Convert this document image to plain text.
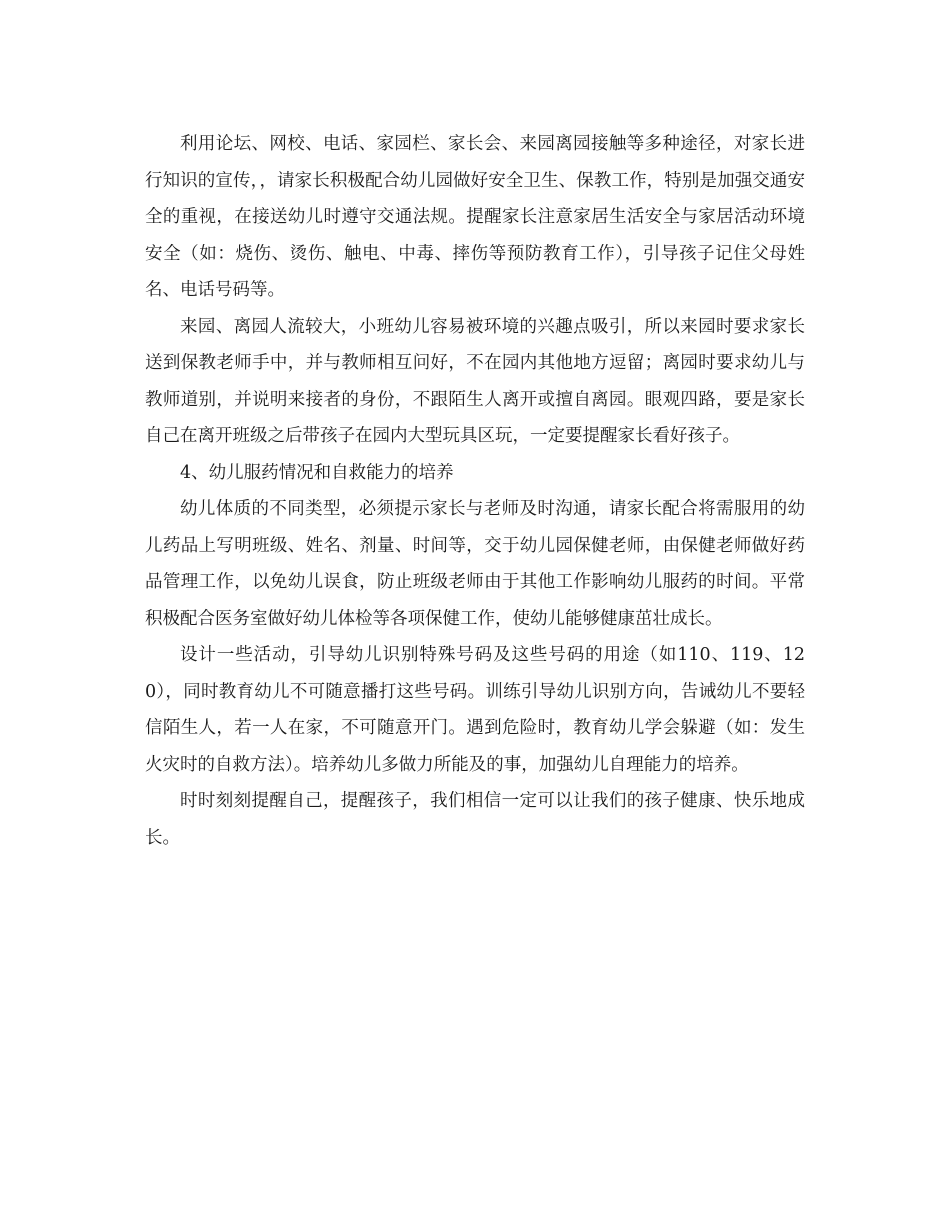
利用论坛、网校、电话、家园栏、家长会、来园离园接触等多种途径，对家长进行知识的宣传，，请家长积极配合幼儿园做好安全卫生、保教工作，特别是加强交通安全的重视，在接送幼儿时遵守交通法规。提醒家长注意家居生活安全与家居活动环境安全（如：烧伤、烫伤、触电、中毒、摔伤等预防教育工作），引导孩子记住父母姓名、电话号码等。

来园、离园人流较大，小班幼儿容易被环境的兴趣点吸引，所以来园时要求家长送到保教老师手中，并与教师相互问好，不在园内其他地方逗留；离园时要求幼儿与教师道别，并说明来接者的身份，不跟陌生人离开或擅自离园。眼观四路，要是家长自己在离开班级之后带孩子在园内大型玩具区玩，一定要提醒家长看好孩子。

4、幼儿服药情况和自救能力的培养

幼儿体质的不同类型，必须提示家长与老师及时沟通，请家长配合将需服用的幼儿药品上写明班级、姓名、剂量、时间等，交于幼儿园保健老师，由保健老师做好药品管理工作，以免幼儿误食，防止班级老师由于其他工作影响幼儿服药的时间。平常积极配合医务室做好幼儿体检等各项保健工作，使幼儿能够健康茁壮成长。

设计一些活动，引导幼儿识别特殊号码及这些号码的用途（如110、119、120），同时教育幼儿不可随意播打这些号码。训练引导幼儿识别方向，告诫幼儿不要轻信陌生人，若一人在家，不可随意开门。遇到危险时，教育幼儿学会躲避（如：发生火灾时的自救方法）。培养幼儿多做力所能及的事，加强幼儿自理能力的培养。

时时刻刻提醒自己，提醒孩子，我们相信一定可以让我们的孩子健康、快乐地成长。
